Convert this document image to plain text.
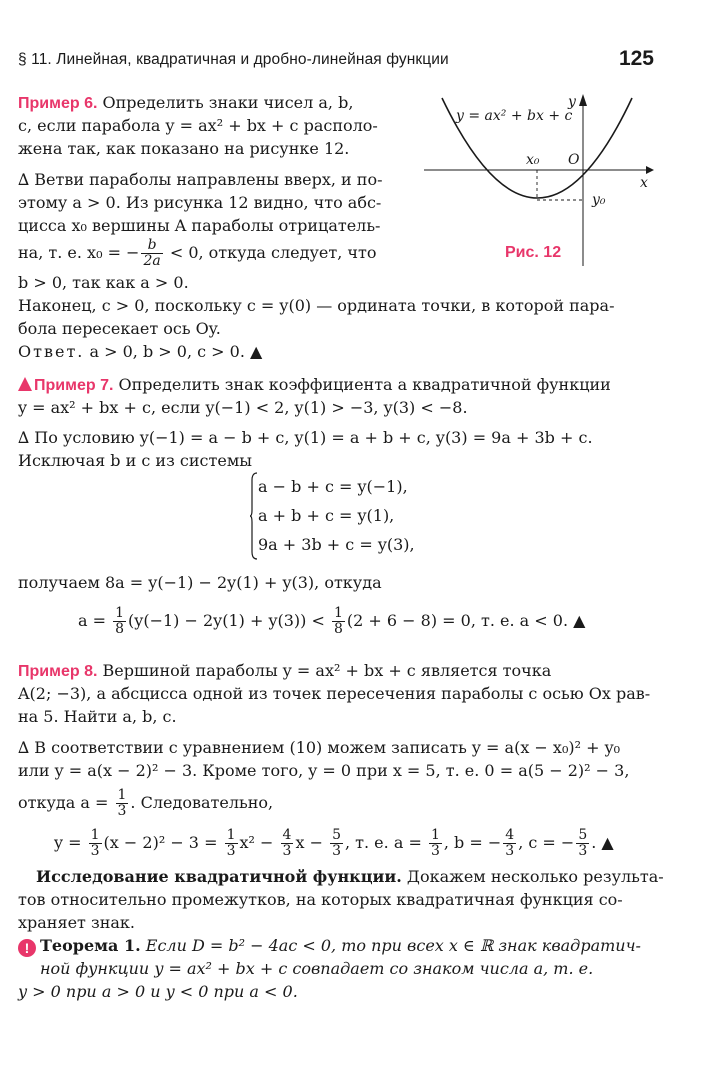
§ 11. Линейная, квадратичная и дробно-линейная функции	125
y = ax² + bx + c
x₀ O
x
y
y₀
Рис. 12
Пример 6. Определить знаки чисел a, b,
c, если парабола y = ax² + bx + c располо-
жена так, как показано на рисунке 12.
∆ Ветви параболы направлены вверх, и по-
этому a > 0. Из рисунка 12 видно, что абс-
цисса x₀ вершины A параболы отрицатель-
на, т. е. x₀ = − $\frac{b}{2a} < 0$, откуда следует, что
b > 0, так как a > 0.
Наконец, c > 0, поскольку c = y(0) — ордината точки, в которой пара-
бола пересекает ось Oy.
Ответ. a > 0, b > 0, c > 0. ▲
Пример 7. Определить знак коэффициента a квадратичной функции
y = ax² + bx + c, если y(−1) < 2, y(1) > −3, y(3) < −8.
∆ По условию y(−1) = a − b + c, y(1) = a + b + c, y(3) = 9a + 3b + c.
Исключая b и c из системы
a − b + c = y(−1),
a + b + c = y(1),
9a + 3b + c = y(3),
получаем 8a = y(−1) − 2y(1) + y(3), откуда
$a = \frac{1}{8} (y(-1) - 2y(1) + y(3)) < \frac{1}{8} (2 + 6 - 8) = 0$, т. е. a < 0. ▲
Пример 8. Вершиной параболы y = ax² + bx + c является точка
A(2; −3), а абсцисса одной из точек пересечения параболы с осью Ox рав-
на 5. Найти a, b, c.
∆ В соответствии с уравнением (10) можем записать y = a(x − x₀)² + y₀
или y = a(x − 2)² − 3. Кроме того, y = 0 при x = 5, т. е. 0 = a(5 − 2)² − 3,
откуда $a = \frac{1}{3}$ . Следовательно,
$y = \frac{1}{3} (x - 2)^2 - 3 = \frac{1}{3} x^2 - \frac{4}{3}$ $x - \frac{5}{3}$ , т. е. $a = \frac{1}{3}$ , b = − $\frac{4}{3}$ , c = − $\frac{5}{3}$ . ▲
Исследование квадратичной функции. Докажем несколько результа-
тов относительно промежутков, на которых квадратичная функция со-
храняет знак.
! Теорема 1. Если D = b² − 4ac < 0, то при всех x ∈ ℝ знак квадратич-
ной функции y = ax² + bx + c совпадает со знаком числа a, т. е.
y > 0 при a > 0 и y < 0 при a < 0.
